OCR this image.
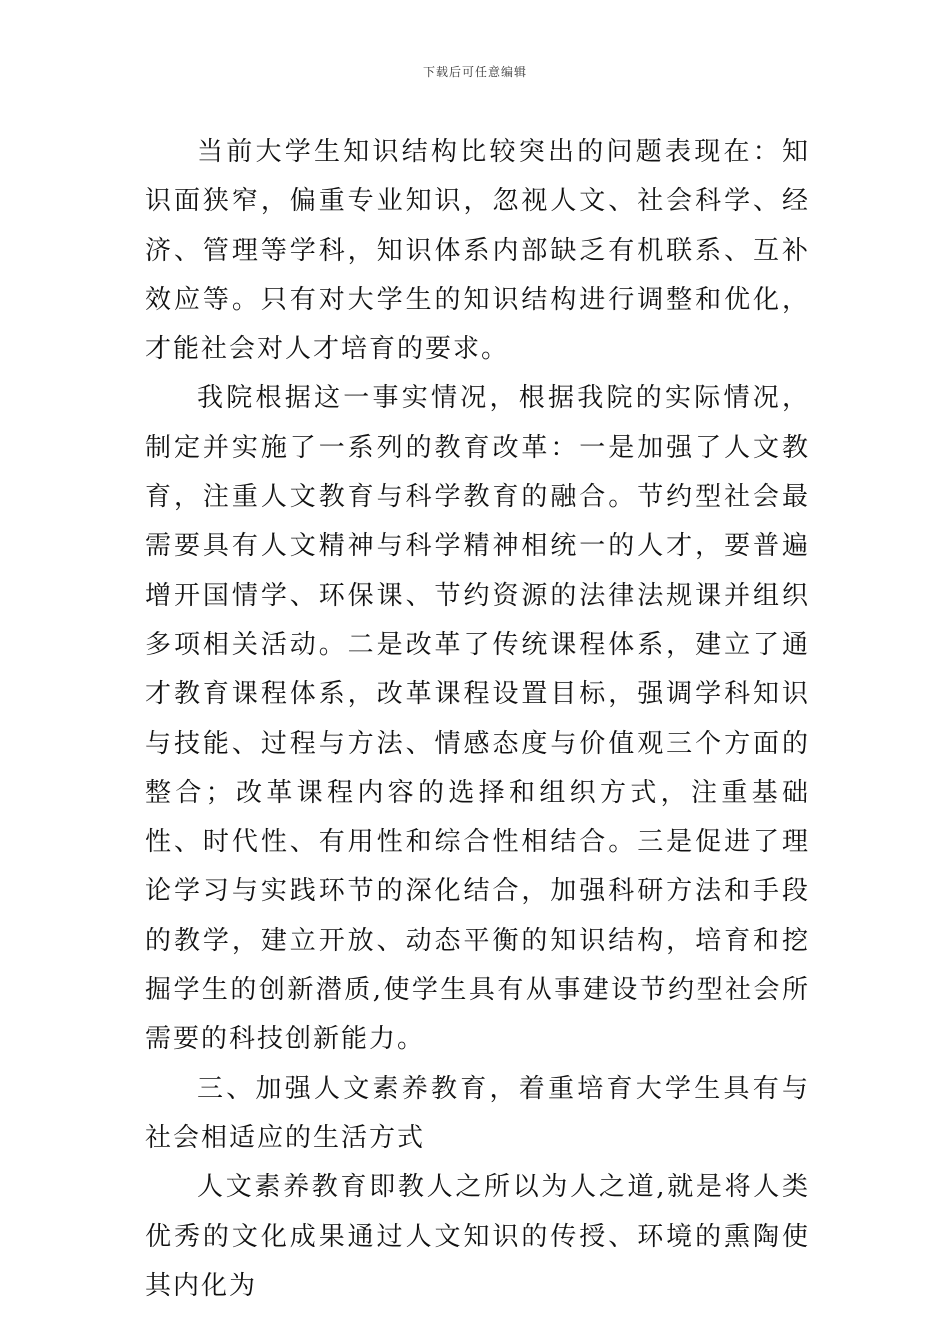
下载后可任意编辑

当前大学生知识结构比较突出的问题表现在：知识面狭窄，偏重专业知识，忽视人文、社会科学、经济、管理等学科，知识体系内部缺乏有机联系、互补效应等。只有对大学生的知识结构进行调整和优化，才能社会对人才培育的要求。

我院根据这一事实情况，根据我院的实际情况，制定并实施了一系列的教育改革：一是加强了人文教育，注重人文教育与科学教育的融合。节约型社会最需要具有人文精神与科学精神相统一的人才，要普遍增开国情学、环保课、节约资源的法律法规课并组织多项相关活动。二是改革了传统课程体系，建立了通才教育课程体系，改革课程设置目标，强调学科知识与技能、过程与方法、情感态度与价值观三个方面的整合；改革课程内容的选择和组织方式，注重基础性、时代性、有用性和综合性相结合。三是促进了理论学习与实践环节的深化结合，加强科研方法和手段的教学，建立开放、动态平衡的知识结构，培育和挖掘学生的创新潜质,使学生具有从事建设节约型社会所需要的科技创新能力。

三、加强人文素养教育，着重培育大学生具有与社会相适应的生活方式

人文素养教育即教人之所以为人之道,就是将人类优秀的文化成果通过人文知识的传授、环境的熏陶使其内化为
